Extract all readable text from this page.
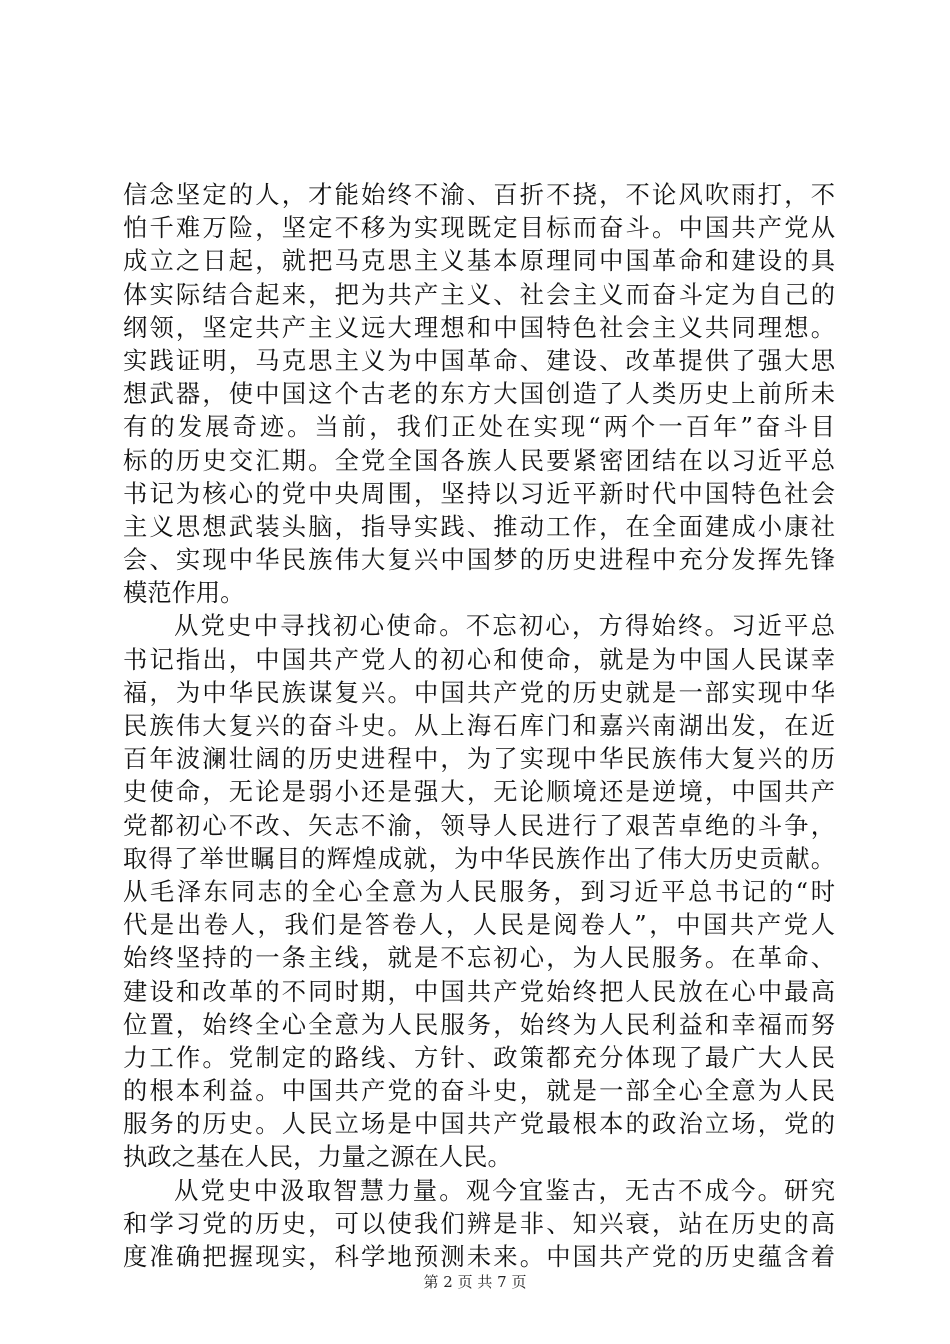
信念坚定的人，才能始终不渝、百折不挠，不论风吹雨打，不
怕千难万险，坚定不移为实现既定目标而奋斗。中国共产党从
成立之日起，就把马克思主义基本原理同中国革命和建设的具
体实际结合起来，把为共产主义、社会主义而奋斗定为自己的
纲领，坚定共产主义远大理想和中国特色社会主义共同理想。
实践证明，马克思主义为中国革命、建设、改革提供了强大思
想武器，使中国这个古老的东方大国创造了人类历史上前所未
有的发展奇迹。当前，我们正处在实现“两个一百年”奋斗目
标的历史交汇期。全党全国各族人民要紧密团结在以习近平总
书记为核心的党中央周围，坚持以习近平新时代中国特色社会
主义思想武装头脑，指导实践、推动工作，在全面建成小康社
会、实现中华民族伟大复兴中国梦的历史进程中充分发挥先锋
模范作用。
从党史中寻找初心使命。不忘初心，方得始终。习近平总
书记指出，中国共产党人的初心和使命，就是为中国人民谋幸
福，为中华民族谋复兴。中国共产党的历史就是一部实现中华
民族伟大复兴的奋斗史。从上海石库门和嘉兴南湖出发，在近
百年波澜壮阔的历史进程中，为了实现中华民族伟大复兴的历
史使命，无论是弱小还是强大，无论顺境还是逆境，中国共产
党都初心不改、矢志不渝，领导人民进行了艰苦卓绝的斗争，
取得了举世瞩目的辉煌成就，为中华民族作出了伟大历史贡献。
从毛泽东同志的全心全意为人民服务，到习近平总书记的“时
代是出卷人，我们是答卷人，人民是阅卷人”，中国共产党人
始终坚持的一条主线，就是不忘初心，为人民服务。在革命、
建设和改革的不同时期，中国共产党始终把人民放在心中最高
位置，始终全心全意为人民服务，始终为人民利益和幸福而努
力工作。党制定的路线、方针、政策都充分体现了最广大人民
的根本利益。中国共产党的奋斗史，就是一部全心全意为人民
服务的历史。人民立场是中国共产党最根本的政治立场，党的
执政之基在人民，力量之源在人民。
从党史中汲取智慧力量。观今宜鉴古，无古不成今。研究
和学习党的历史，可以使我们辨是非、知兴衰，站在历史的高
度准确把握现实，科学地预测未来。中国共产党的历史蕴含着
第 2 页 共 7 页
